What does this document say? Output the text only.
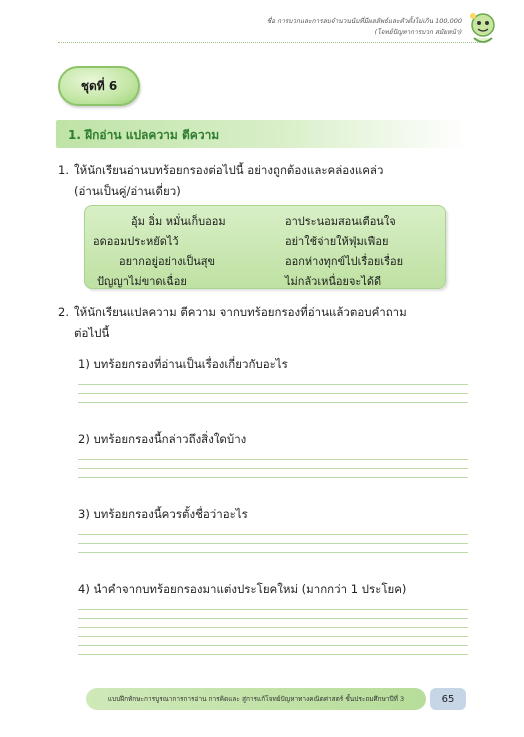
ชื่อ การบวกและการลบจำนวนนับที่มีผลลัพธ์และตัวตั้งไม่เกิน 100,000
(โจทย์ปัญหาการบวก สมัยหน้า)
ชุดที่ 6
1. ฝึกอ่าน แปลความ ตีความ
1. ให้นักเรียนอ่านบทร้อยกรองต่อไปนี้ อย่างถูกต้องและคล่องแคล่ว
(อ่านเป็นคู่/อ่านเดี่ยว)
อุ้ม อิ่ม หมั่นเก็บออม	อาประนอมสอนเตือนใจ
อดออมประหยัดไว้	อย่าใช้จ่ายให้ฟุ่มเฟือย
อยากอยู่อย่างเป็นสุข	ออกห่างทุกข์ไปเรื่อยเรื่อย
ปัญญาไม่ขาดเฉื่อย	ไม่กลัวเหนื่อยจะได้ดี
2. ให้นักเรียนแปลความ ตีความ จากบทร้อยกรองที่อ่านแล้วตอบคำถาม
ต่อไปนี้
1) บทร้อยกรองที่อ่านเป็นเรื่องเกี่ยวกับอะไร
2) บทร้อยกรองนี้กล่าวถึงสิ่งใดบ้าง
3) บทร้อยกรองนี้ควรตั้งชื่อว่าอะไร
4) นำคำจากบทร้อยกรองมาแต่งประโยคใหม่ (มากกว่า 1 ประโยค)
แบบฝึกทักษะการบูรณาการการอ่าน การคิดและ สู่การแก้โจทย์ปัญหาทางคณิตศาสตร์ ชั้นประถมศึกษาปีที่ 3	65
